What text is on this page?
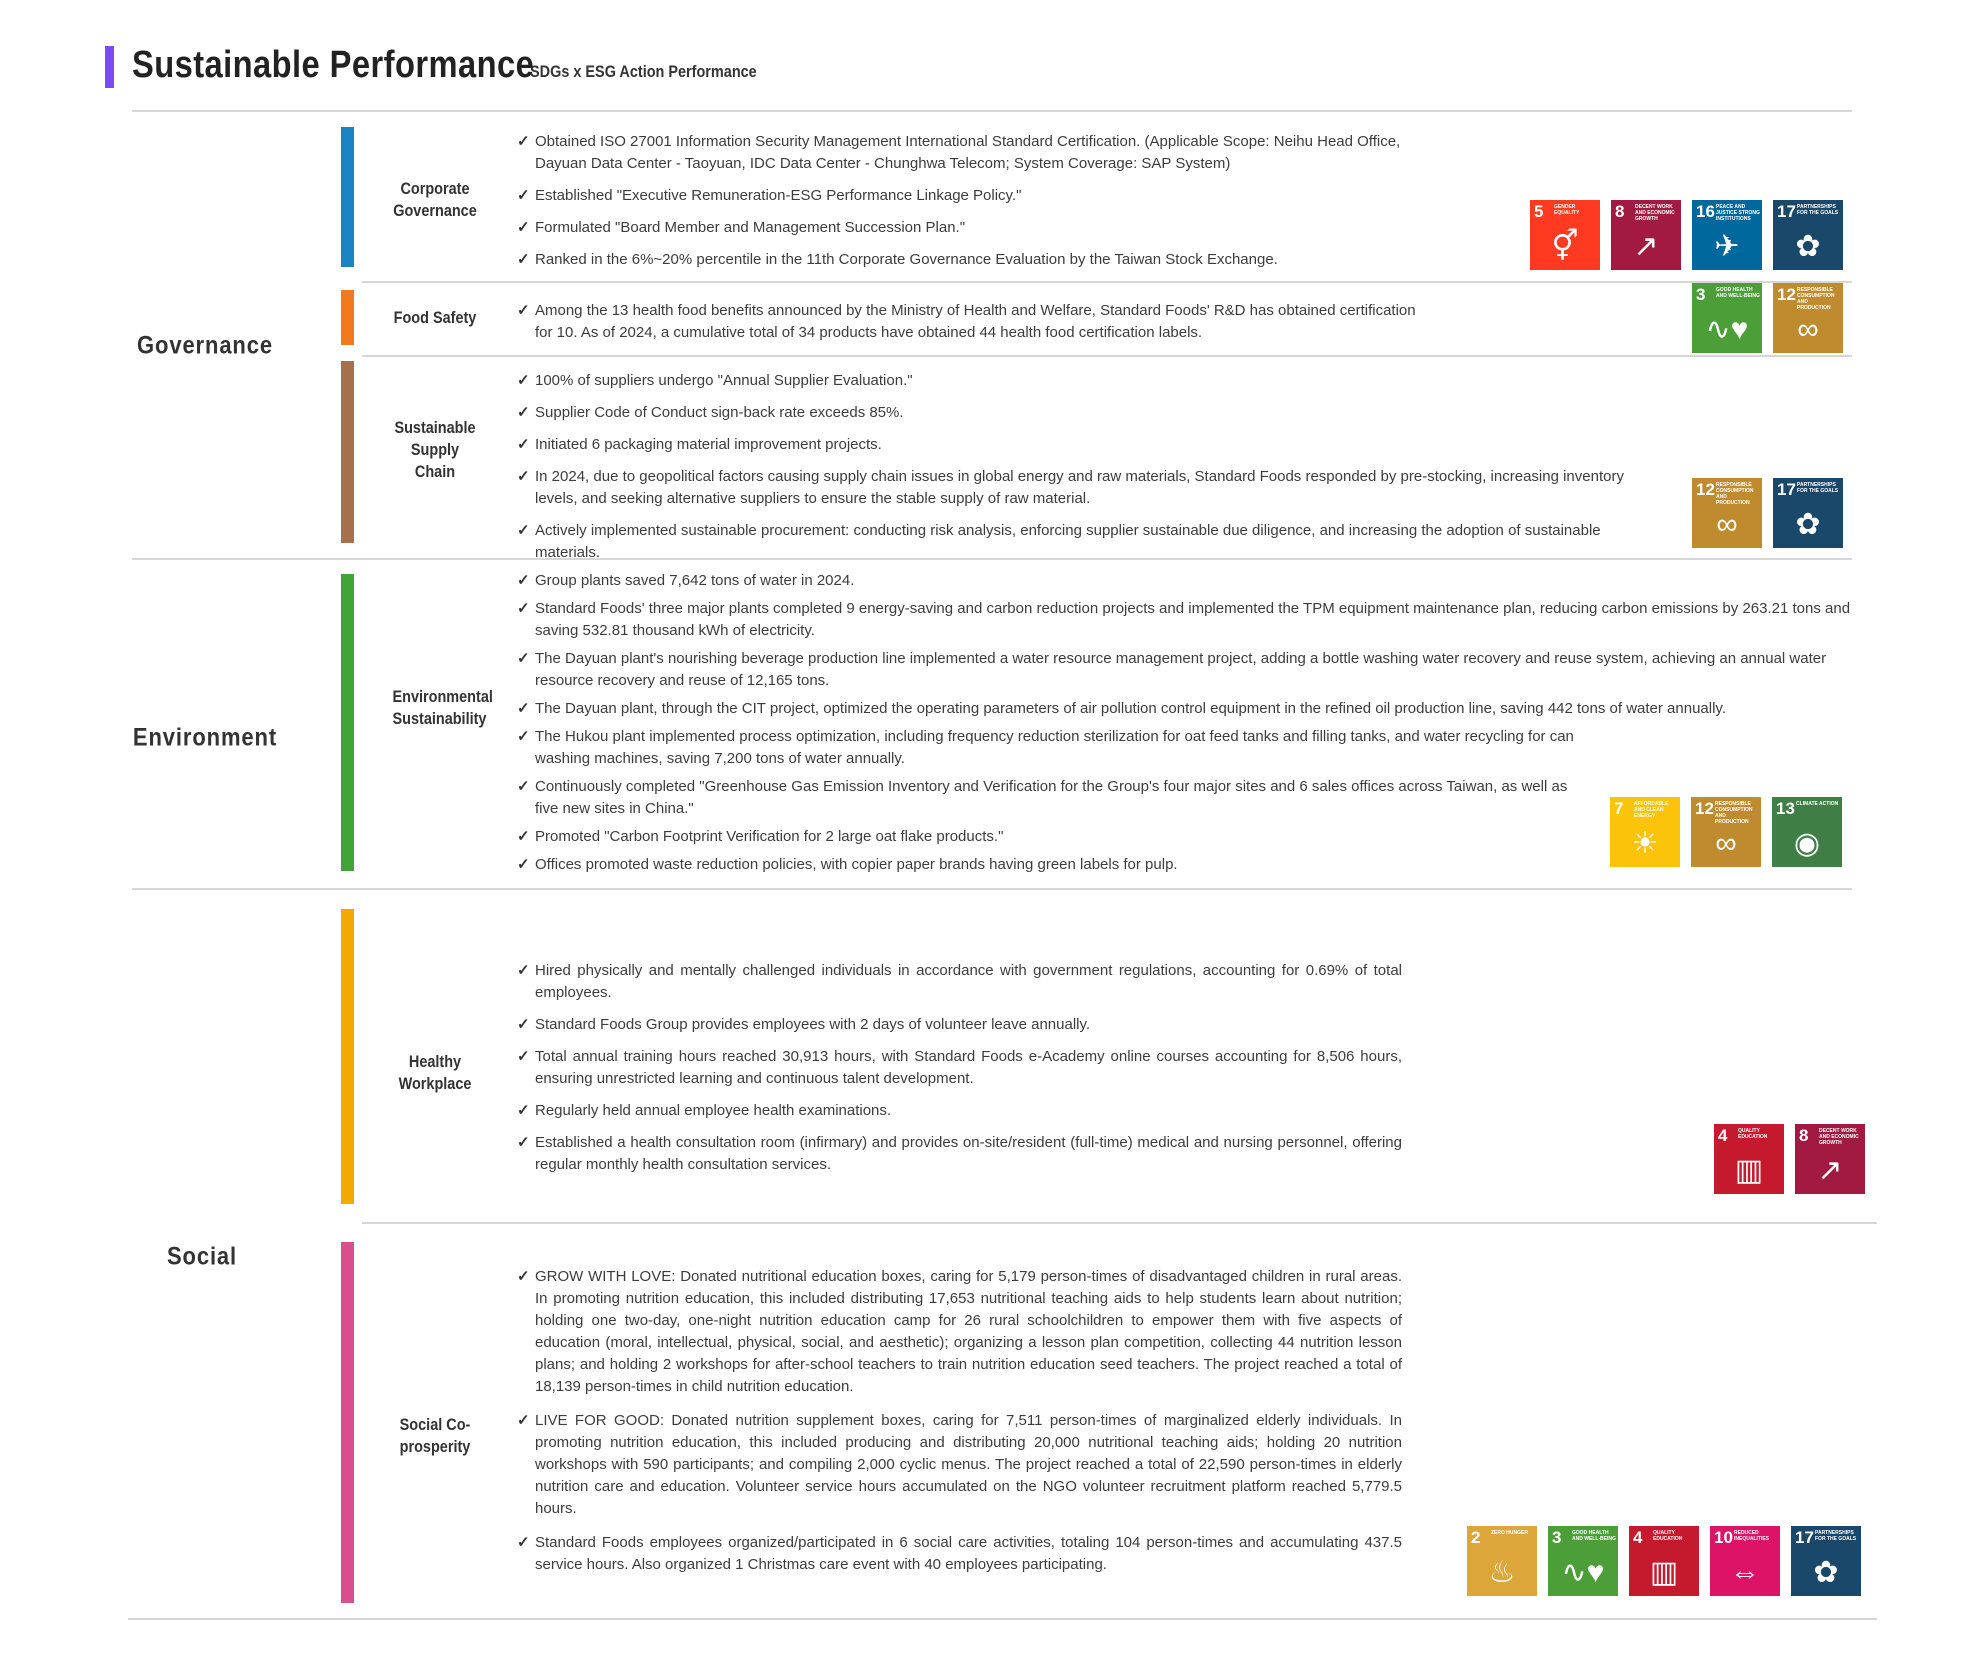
Sustainable Performance
SDGs x ESG Action Performance
Governance
Corporate Governance
✓ Obtained ISO 27001 Information Security Management International Standard Certification. (Applicable Scope: Neihu Head Office, Dayuan Data Center - Taoyuan, IDC Data Center - Chunghwa Telecom; System Coverage: SAP System)
✓ Established "Executive Remuneration-ESG Performance Linkage Policy."
✓ Formulated "Board Member and Management Succession Plan."
✓ Ranked in the 6%~20% percentile in the 11th Corporate Governance Evaluation by the Taiwan Stock Exchange.
5 GENDER EQUALITY
⚥
8 DECENT WORK AND ECONOMIC GROWTH
↗
16 PEACE AND JUSTICE STRONG INSTITUTIONS
✈
17 PARTNERSHIPS FOR THE GOALS
✿
Food Safety	✓ Among the 13 health food benefits announced by the Ministry of Health and Welfare, Standard Foods' R&D has obtained certification for 10. As of 2024, a cumulative total of 34 products have obtained 44 health food certification labels.
3 GOOD HEALTH AND WELL-BEING
∿♥
12 RESPONSIBLE CONSUMPTION AND PRODUCTION
∞
Sustainable Supply Chain
✓ 100% of suppliers undergo "Annual Supplier Evaluation."
✓ Supplier Code of Conduct sign-back rate exceeds 85%.
✓ Initiated 6 packaging material improvement projects.
✓ In 2024, due to geopolitical factors causing supply chain issues in global energy and raw materials, Standard Foods responded by pre-stocking, increasing inventory levels, and seeking alternative suppliers to ensure the stable supply of raw material.
✓ Actively implemented sustainable procurement: conducting risk analysis, enforcing supplier sustainable due diligence, and increasing the adoption of sustainable materials.
12 RESPONSIBLE CONSUMPTION AND PRODUCTION
∞
17 PARTNERSHIPS FOR THE GOALS
✿
Environment
Environmental Sustainability
✓ Group plants saved 7,642 tons of water in 2024.
✓ Standard Foods' three major plants completed 9 energy-saving and carbon reduction projects and implemented the TPM equipment maintenance plan, reducing carbon emissions by 263.21 tons and saving 532.81 thousand kWh of electricity.
✓ The Dayuan plant's nourishing beverage production line implemented a water resource management project, adding a bottle washing water recovery and reuse system, achieving an annual water resource recovery and reuse of 12,165 tons.
✓ The Dayuan plant, through the CIT project, optimized the operating parameters of air pollution control equipment in the refined oil production line, saving 442 tons of water annually.
✓ The Hukou plant implemented process optimization, including frequency reduction sterilization for oat feed tanks and filling tanks, and water recycling for can washing machines, saving 7,200 tons of water annually.
✓ Continuously completed "Greenhouse Gas Emission Inventory and Verification for the Group's four major sites and 6 sales offices across Taiwan, as well as five new sites in China."
✓ Promoted "Carbon Footprint Verification for 2 large oat flake products."
✓ Offices promoted waste reduction policies, with copier paper brands having green labels for pulp.
7 AFFORDABLE AND CLEAN ENERGY
☀
12 RESPONSIBLE CONSUMPTION AND PRODUCTION
∞
13 CLIMATE ACTION
◉
Social
Healthy Workplace
✓ Hired physically and mentally challenged individuals in accordance with government regulations, accounting for 0.69% of total employees.
✓ Standard Foods Group provides employees with 2 days of volunteer leave annually.
✓ Total annual training hours reached 30,913 hours, with Standard Foods e-Academy online courses accounting for 8,506 hours, ensuring unrestricted learning and continuous talent development.
✓ Regularly held annual employee health examinations.
✓ Established a health consultation room (infirmary) and provides on-site/resident (full-time) medical and nursing personnel, offering regular monthly health consultation services.
4 QUALITY EDUCATION
▥
8 DECENT WORK AND ECONOMIC GROWTH
↗
Social Co-prosperity
✓ GROW WITH LOVE: Donated nutritional education boxes, caring for 5,179 person-times of disadvantaged children in rural areas. In promoting nutrition education, this included distributing 17,653 nutritional teaching aids to help students learn about nutrition; holding one two-day, one-night nutrition education camp for 26 rural schoolchildren to empower them with five aspects of education (moral, intellectual, physical, social, and aesthetic); organizing a lesson plan competition, collecting 44 nutrition lesson plans; and holding 2 workshops for after-school teachers to train nutrition education seed teachers. The project reached a total of 18,139 person-times in child nutrition education.
✓ LIVE FOR GOOD: Donated nutrition supplement boxes, caring for 7,511 person-times of marginalized elderly individuals. In promoting nutrition education, this included producing and distributing 20,000 nutritional teaching aids; holding 20 nutrition workshops with 590 participants; and compiling 2,000 cyclic menus. The project reached a total of 22,590 person-times in elderly nutrition care and education. Volunteer service hours accumulated on the NGO volunteer recruitment platform reached 5,779.5 hours.
✓ Standard Foods employees organized/participated in 6 social care activities, totaling 104 person-times and accumulating 437.5 service hours. Also organized 1 Christmas care event with 40 employees participating.
2 ZERO HUNGER
♨
3 GOOD HEALTH AND WELL-BEING
∿♥
4 QUALITY EDUCATION
▥
10 REDUCED INEQUALITIES
⇔
17 PARTNERSHIPS FOR THE GOALS
✿
